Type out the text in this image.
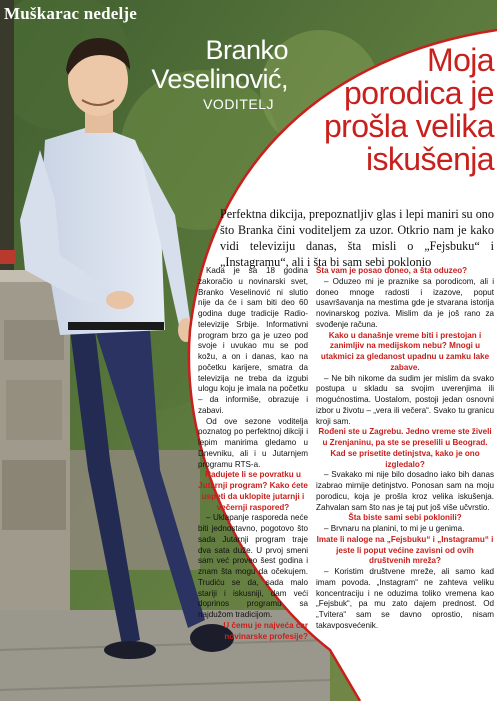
Muškarac nedelje
Branko
Veselinović,
VODITELJ
Moja
porodica je
prošla velika
iskušenja
Perfektna dikcija, prepoznatljiv glas i lepi maniri su ono što Branka čini voditeljem za uzor. Otkrio nam je kako vidi televiziju danas, šta misli o „Fejsbuku“ i „Instagramu“, ali i šta bi sam sebi poklonio

Kada je sa 18 godina zakoračio u novinarski svet, Branko Veselinović ni slutio nije da će i sam biti deo 60 godina duge tradicije Radio-televizije Srbije. Informativni program brzo ga je uzeo pod svoje i uvukao mu se pod kožu, a on i danas, kao na početku karijere, smatra da televizija ne treba da izgubi ulogu koju je imala na početku – da informiše, obrazuje i zabavi.

Od ove sezone voditelja poznatog po perfektnoj dikciji i lepim manirima gledamo u Dnevniku, ali i u Jutarnjem programu RTS-a.

Radujete li se povratku u Jutarnji program? Kako ćete uspeti da uklopite jutarnji i večernji raspored?

– Uklapanje rasporeda neće biti jednostavno, pogotovo što sada Jutarnji program traje dva sata duže. U prvoj smeni sam već proveo šest godina i znam šta mogu da očekujem. Trudiću se da, sada malo stariji i iskusniji, dam veći doprinos programu sa najdužom tradicijom.

U čemu je najveća čar novinarske profesije?

Šta vam je posao doneo, a šta oduzeo?

– Oduzeo mi je praznike sa porodicom, ali i doneo mnoge radosti i izazove, poput usavršavanja na mestima gde je stvarana istorija novinarskog poziva. Mislim da je još rano za svođenje računa.

Kako u današnje vreme biti i prestojan i zanimljiv na medijskom nebu? Mnogi u utakmici za gledanost upadnu u zamku lake zabave.

– Ne bih nikome da sudim jer mislim da svako postupa u skladu sa svojim uverenjima ili mogućnostima. Uostalom, postoji jedan osnovni izbor u životu – „vera ili večera“. Svako tu granicu kroji sam.

Rođeni ste u Zagrebu. Jedno vreme ste živeli u Zrenjaninu, pa ste se preselili u Beograd. Kad se prisetite detinjstva, kako je ono izgledalo?

– Svakako mi nije bilo dosadno iako bih danas izabrao mirnije detinjstvo. Ponosan sam na moju porodicu, koja je prošla kroz velika iskušenja. Zahvalan sam što nas je taj put još više učvrstio.

Šta biste sami sebi poklonili?

– Brvnaru na planini, to mi je u genima.

Imate li naloge na „Fejsbuku“ i „Instagramu“ i jeste li poput većine zavisni od ovih društvenih mreža?

– Koristim društvene mreže, ali samo kad imam povoda. „Instagram“ ne zahteva veliku koncentraciju i ne oduzima toliko vremena kao „Fejsbuk“, pa mu zato dajem prednost. Od „Tvitera“ sam se davno oprostio, nisam takavposvećenik.
